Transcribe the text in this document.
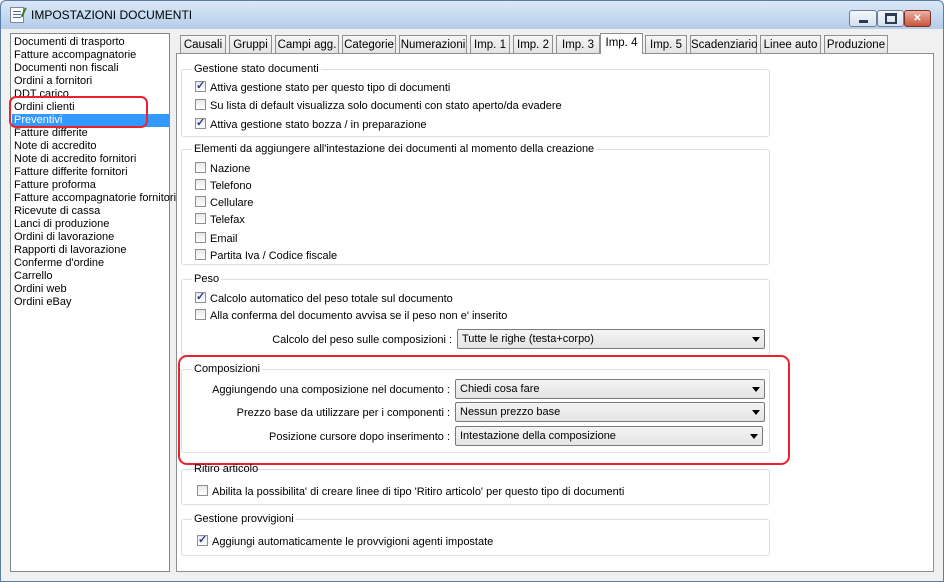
IMPOSTAZIONI DOCUMENTI	✕
Documenti di trasporto
Fatture accompagnatorie
Documenti non fiscali
Ordini a fornitori
DDT carico
Ordini clienti
Preventivi
Fatture differite
Note di accredito
Note di accredito fornitori
Fatture differite fornitori
Fatture proforma
Fatture accompagnatorie fornitori
Ricevute di cassa
Lanci di produzione
Ordini di lavorazione
Rapporti di lavorazione
Conferme d'ordine
Carrello
Ordini web
Ordini eBay
Causali Gruppi Campi agg. Categorie Numerazioni Imp. 1 Imp. 2	Imp. 3	Imp. 4	Imp. 5 Scadenziario Linee auto Produzione
Gestione stato documenti
✓
Attiva gestione stato per questo tipo di documenti
Su lista di default visualizza solo documenti con stato aperto/da evadere
✓
Attiva gestione stato bozza / in preparazione
Elementi da aggiungere all'intestazione dei documenti al momento della creazione
Nazione
Telefono
Cellulare
Telefax
Email
Partita Iva / Codice fiscale
Peso
✓
Calcolo automatico del peso totale sul documento
Alla conferma del documento avvisa se il peso non e' inserito
Calcolo del peso sulle composizioni : Tutte le righe (testa+corpo)
Composizioni
Aggiungendo una composizione nel documento : Chiedi cosa fare
Prezzo base da utilizzare per i componenti : Nessun prezzo base
Posizione cursore dopo inserimento : Intestazione della composizione
Ritiro articolo
Abilita la possibilita' di creare linee di tipo 'Ritiro articolo' per questo tipo di documenti
Gestione provvigioni
✓
Aggiungi automaticamente le provvigioni agenti impostate
